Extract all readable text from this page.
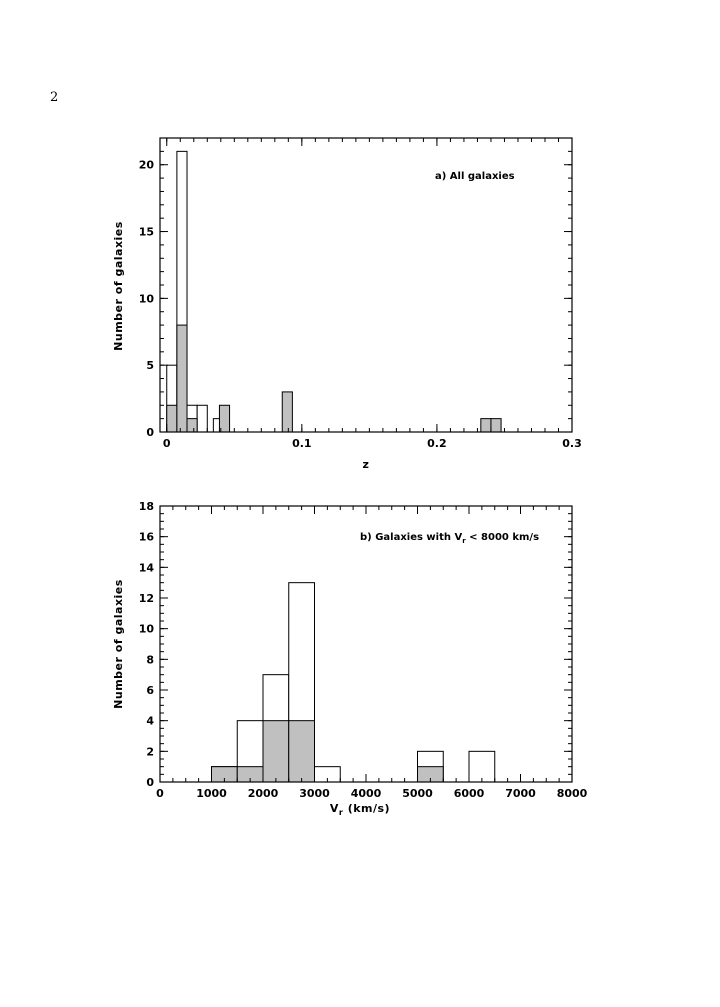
2
0	0.1	0.2	0.3
0
5
10
15
20
Number of galaxies
z
a) All galaxies
0	1000 2000 3000 4000 5000 6000 7000 8000
0
2
4
6
8
10
12
14
16
18
Number of galaxies
$V_r$ (km/s)
b) Galaxies with $V_r < 8000$ km/s
